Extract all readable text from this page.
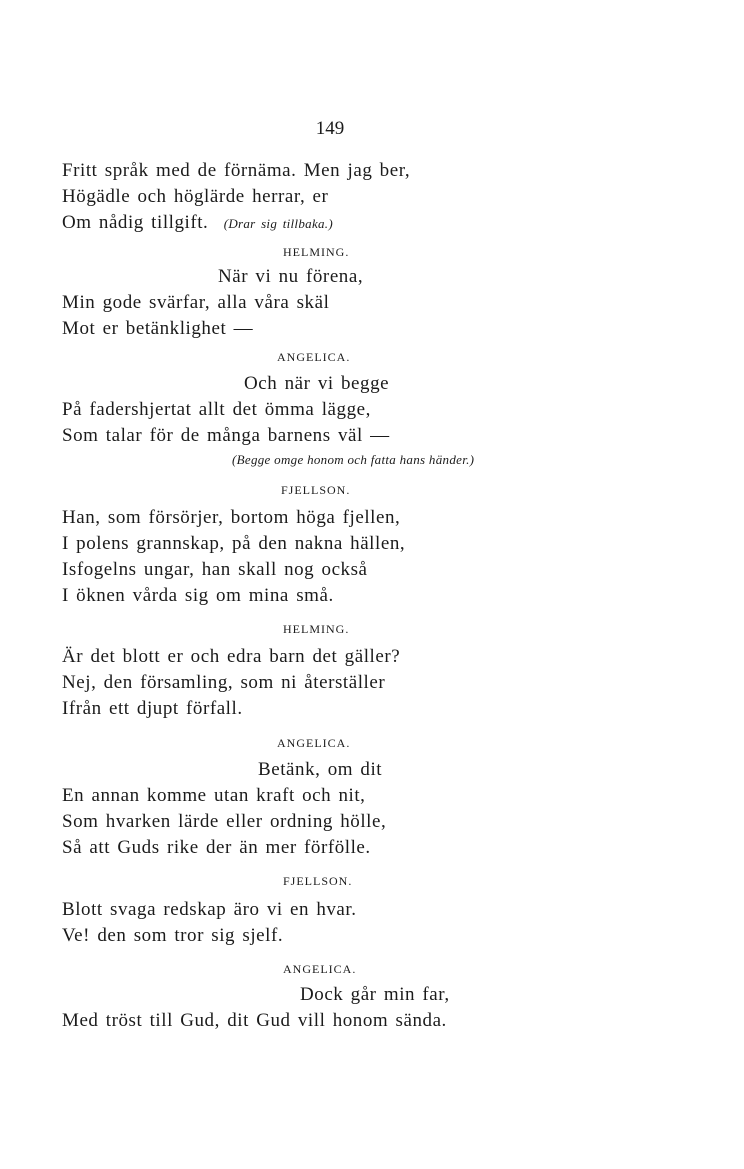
149
Fritt språk med de förnäma. Men jag ber,
Högädle och höglärde herrar, er
Om nådig tillgift. (Drar sig tillbaka.)
HELMING.
När vi nu förena,
Min gode svärfar, alla våra skäl
Mot er betänklighet —
ANGELICA.
Och när vi begge
På fadershjertat allt det ömma lägge,
Som talar för de många barnens väl —
(Begge omge honom och fatta hans händer.)
FJELLSON.
Han, som försörjer, bortom höga fjellen,
I polens grannskap, på den nakna hällen,
Isfogelns ungar, han skall nog också
I öknen vårda sig om mina små.
HELMING.
Är det blott er och edra barn det gäller?
Nej, den församling, som ni återställer
Ifrån ett djupt förfall.
ANGELICA.
Betänk, om dit
En annan komme utan kraft och nit,
Som hvarken lärde eller ordning hölle,
Så att Guds rike der än mer förfölle.
FJELLSON.
Blott svaga redskap äro vi en hvar.
Ve! den som tror sig sjelf.
ANGELICA.
Dock går min far,
Med tröst till Gud, dit Gud vill honom sända.
